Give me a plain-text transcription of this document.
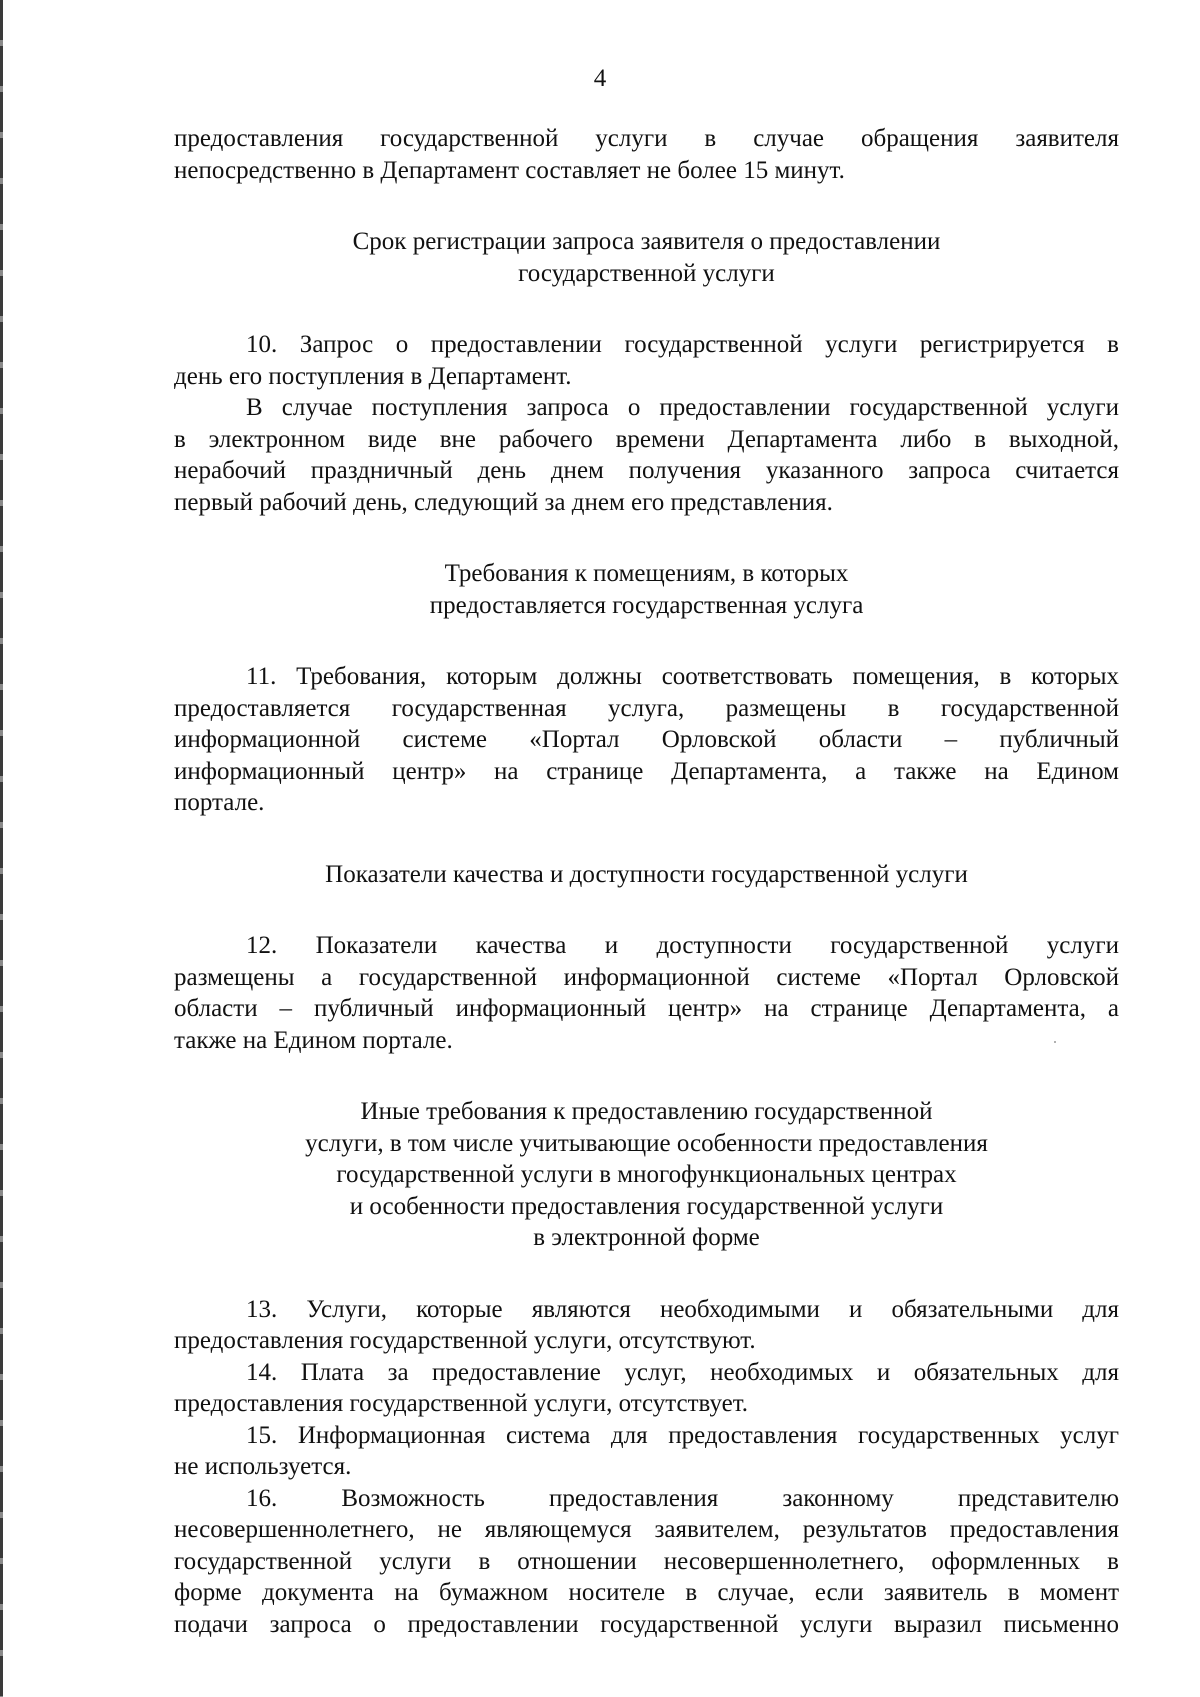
4
предоставления государственной услуги в случае обращения заявителя
непосредственно в Департамент составляет не более 15 минут.
Срок регистрации запроса заявителя о предоставлении
государственной услуги
10. Запрос о предоставлении государственной услуги регистрируется в
день его поступления в Департамент.
В случае поступления запроса о предоставлении государственной услуги
в электронном виде вне рабочего времени Департамента либо в выходной,
нерабочий праздничный день днем получения указанного запроса считается
первый рабочий день, следующий за днем его представления.
Требования к помещениям, в которых
предоставляется государственная услуга
11. Требования, которым должны соответствовать помещения, в которых
предоставляется государственная услуга, размещены в государственной
информационной системе «Портал Орловской области – публичный
информационный центр» на странице Департамента, а также на Едином
портале.
Показатели качества и доступности государственной услуги
12. Показатели качества и доступности государственной услуги
размещены а государственной информационной системе «Портал Орловской
области – публичный информационный центр» на странице Департамента, а
также на Едином портале.
Иные требования к предоставлению государственной
услуги, в том числе учитывающие особенности предоставления
государственной услуги в многофункциональных центрах
и особенности предоставления государственной услуги
в электронной форме
13. Услуги, которые являются необходимыми и обязательными для
предоставления государственной услуги, отсутствуют.
14. Плата за предоставление услуг, необходимых и обязательных для
предоставления государственной услуги, отсутствует.
15. Информационная система для предоставления государственных услуг
не используется.
16. Возможность предоставления законному представителю
несовершеннолетнего, не являющемуся заявителем, результатов предоставления
государственной услуги в отношении несовершеннолетнего, оформленных в
форме документа на бумажном носителе в случае, если заявитель в момент
подачи запроса о предоставлении государственной услуги выразил письменно
